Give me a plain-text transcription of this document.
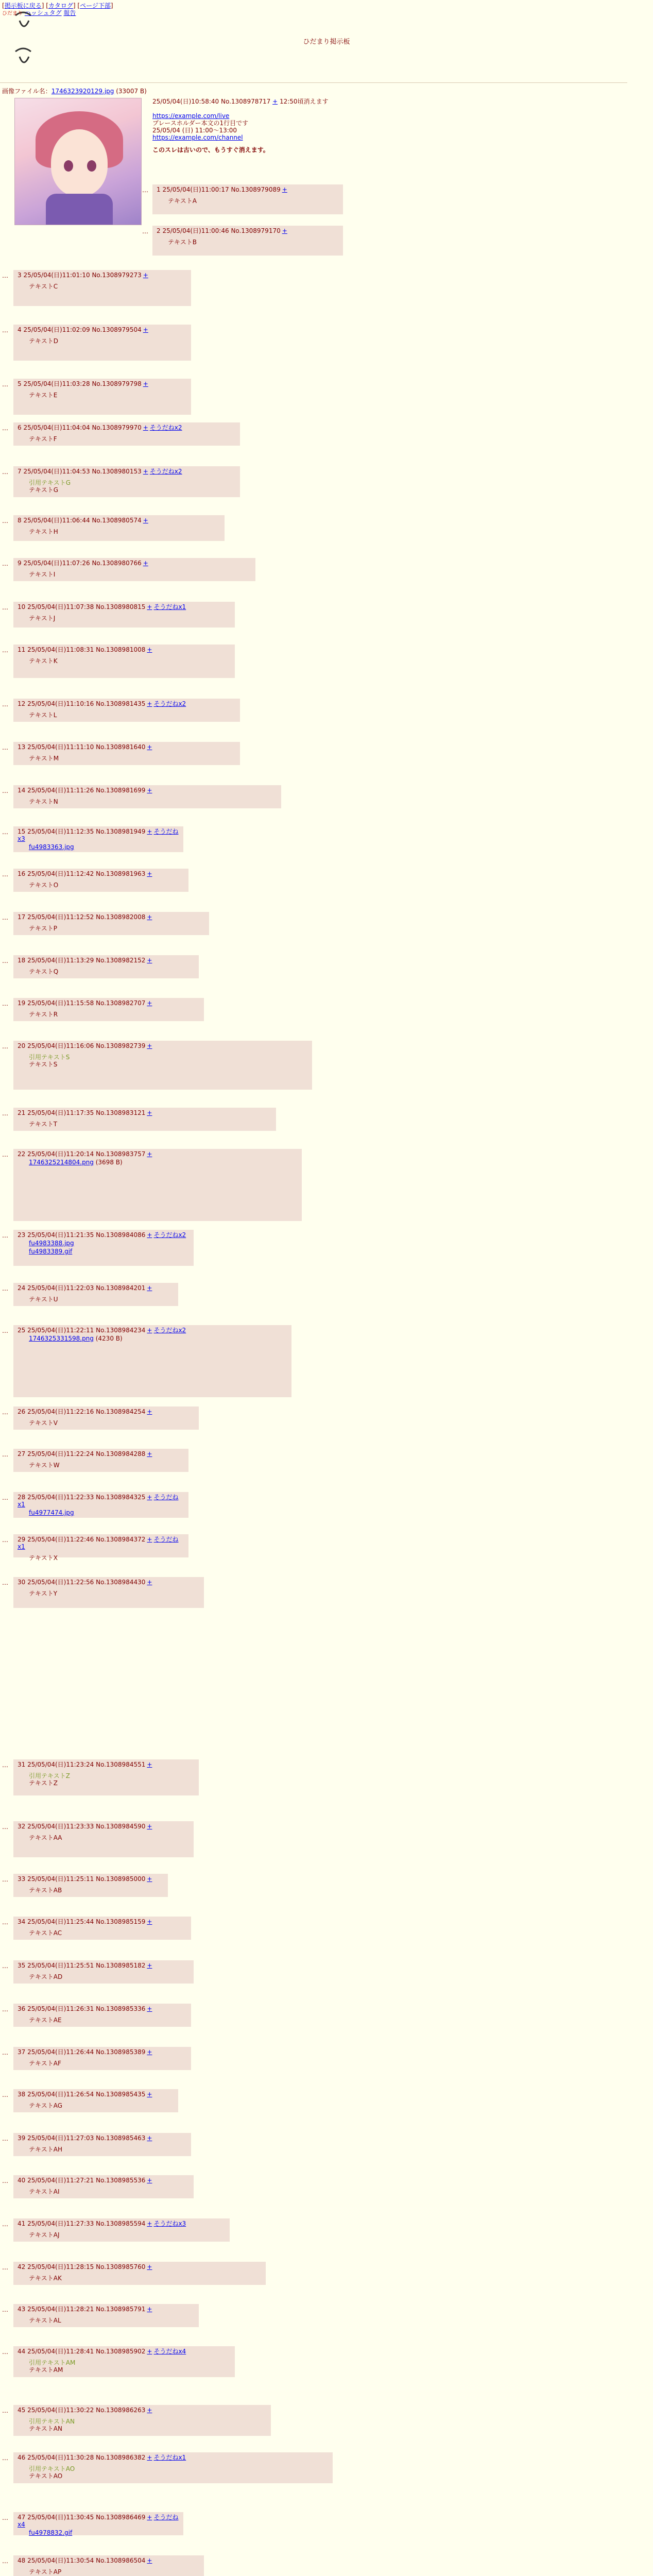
[掲示板に戻る] [カタログ] [ページ下部]
ひだまり ハッシュタグ 報告
ひだまり掲示板
画像ファイル名：1746323920129.jpg (33007 B)
25/05/04(日)10:58:40 No.1308978717 + 12:50頃消えます

https://example.com/live

プレースホルダー本文の1行目です

25/05/04 (日) 11:00～13:00

https://example.com/channel

このスレは古いので、もうすぐ消えます。
… 1 25/05/04(日)11:00:17 No.1308979089 +
テキストA
… 2 25/05/04(日)11:00:46 No.1308979170 +
テキストB
… 3 25/05/04(日)11:01:10 No.1308979273 +
テキストC
… 4 25/05/04(日)11:02:09 No.1308979504 +
テキストD
… 5 25/05/04(日)11:03:28 No.1308979798 +
テキストE
… 6 25/05/04(日)11:04:04 No.1308979970 + そうだねx2
テキストF
… 7 25/05/04(日)11:04:53 No.1308980153 + そうだねx2
引用テキストG
テキストG
… 8 25/05/04(日)11:06:44 No.1308980574 +
テキストH
… 9 25/05/04(日)11:07:26 No.1308980766 +
テキストI
… 10 25/05/04(日)11:07:38 No.1308980815 + そうだねx1
テキストJ
… 11 25/05/04(日)11:08:31 No.1308981008 +
テキストK
… 12 25/05/04(日)11:10:16 No.1308981435 + そうだねx2
テキストL
… 13 25/05/04(日)11:11:10 No.1308981640 +
テキストM
… 14 25/05/04(日)11:11:26 No.1308981699 +
テキストN
… 15 25/05/04(日)11:12:35 No.1308981949 + そうだねx3
fu4983363.jpg
… 16 25/05/04(日)11:12:42 No.1308981963 +
テキストO
… 17 25/05/04(日)11:12:52 No.1308982008 +
テキストP
… 18 25/05/04(日)11:13:29 No.1308982152 +
テキストQ
… 19 25/05/04(日)11:15:58 No.1308982707 +
テキストR
… 20 25/05/04(日)11:16:06 No.1308982739 +
引用テキストS
テキストS
… 21 25/05/04(日)11:17:35 No.1308983121 +
テキストT
… 22 25/05/04(日)11:20:14 No.1308983757 +
1746325214804.png (3698 B)
… 23 25/05/04(日)11:21:35 No.1308984086 + そうだねx2
fu4983388.jpg
fu4983389.gif
… 24 25/05/04(日)11:22:03 No.1308984201 +
テキストU
… 25 25/05/04(日)11:22:11 No.1308984234 + そうだねx2
1746325331598.png (4230 B)
… 26 25/05/04(日)11:22:16 No.1308984254 +
テキストV
… 27 25/05/04(日)11:22:24 No.1308984288 +
テキストW
… 28 25/05/04(日)11:22:33 No.1308984325 + そうだねx1
fu4977474.jpg
… 29 25/05/04(日)11:22:46 No.1308984372 + そうだねx1
テキストX
… 30 25/05/04(日)11:22:56 No.1308984430 +
テキストY
… 31 25/05/04(日)11:23:24 No.1308984551 +
引用テキストZ
テキストZ
… 32 25/05/04(日)11:23:33 No.1308984590 +
テキストAA
… 33 25/05/04(日)11:25:11 No.1308985000 +
テキストAB
… 34 25/05/04(日)11:25:44 No.1308985159 +
テキストAC
… 35 25/05/04(日)11:25:51 No.1308985182 +
テキストAD
… 36 25/05/04(日)11:26:31 No.1308985336 +
テキストAE
… 37 25/05/04(日)11:26:44 No.1308985389 +
テキストAF
… 38 25/05/04(日)11:26:54 No.1308985435 +
テキストAG
… 39 25/05/04(日)11:27:03 No.1308985463 +
テキストAH
… 40 25/05/04(日)11:27:21 No.1308985536 +
テキストAI
… 41 25/05/04(日)11:27:33 No.1308985594 + そうだねx3
テキストAJ
… 42 25/05/04(日)11:28:15 No.1308985760 +
テキストAK
… 43 25/05/04(日)11:28:21 No.1308985791 +
テキストAL
… 44 25/05/04(日)11:28:41 No.1308985902 + そうだねx4
引用テキストAM
テキストAM
… 45 25/05/04(日)11:30:22 No.1308986263 +
引用テキストAN
テキストAN
… 46 25/05/04(日)11:30:28 No.1308986382 + そうだねx1
引用テキストAO
テキストAO
… 47 25/05/04(日)11:30:45 No.1308986469 + そうだねx4
fu4978832.gif
… 48 25/05/04(日)11:30:54 No.1308986504 +
テキストAP
